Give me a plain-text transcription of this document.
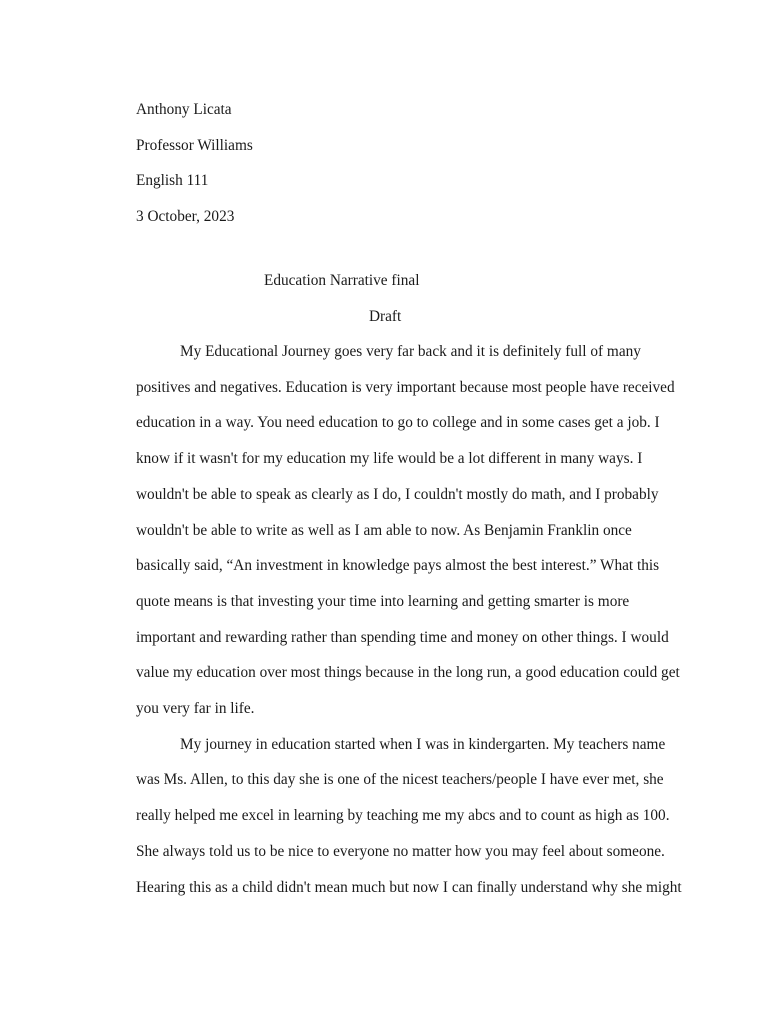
Anthony Licata
Professor Williams
English 111
3 October, 2023
Education Narrative final
Draft
My Educational Journey goes very far back and it is definitely full of many
positives and negatives. Education is very important because most people have received
education in a way. You need education to go to college and in some cases get a job. I
know if it wasn't for my education my life would be a lot different in many ways. I
wouldn't be able to speak as clearly as I do, I couldn't mostly do math, and I probably
wouldn't be able to write as well as I am able to now. As Benjamin Franklin once
basically said, “An investment in knowledge pays almost the best interest.” What this
quote means is that investing your time into learning and getting smarter is more
important and rewarding rather than spending time and money on other things. I would
value my education over most things because in the long run, a good education could get
you very far in life.
My journey in education started when I was in kindergarten. My teachers name
was Ms. Allen, to this day she is one of the nicest teachers/people I have ever met, she
really helped me excel in learning by teaching me my abcs and to count as high as 100.
She always told us to be nice to everyone no matter how you may feel about someone.
Hearing this as a child didn't mean much but now I can finally understand why she might
